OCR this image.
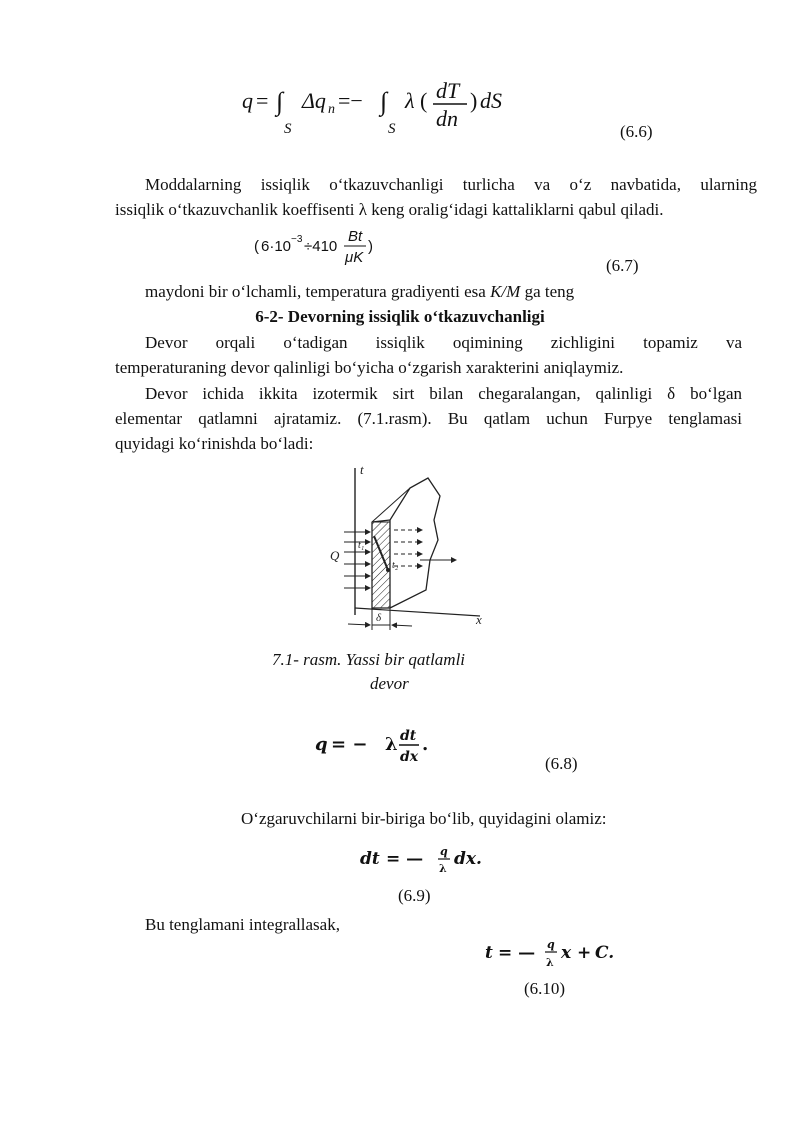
q = ∫
S
Δq n =− ∫
S
λ ( dT
dn
) dS
(6.6)
Moddalarning issiqlik o‘tkazuvchanligi turlicha va o‘z navbatida, ularning
issiqlik o‘tkazuvchanlik koeffisenti λ keng oralig‘idagi kattaliklarni qabul qiladi.
( 6·10 −3 ÷410
Bt
μK
)
(6.7)
maydoni bir o‘lchamli, temperatura gradiyenti esa K/M ga teng
6-2- Devorning issiqlik o‘tkazuvchanligi
Devor orqali o‘tadigan issiqlik oqimining zichligini topamiz va
temperaturaning devor qalinligi bo‘yicha o‘zgarish xarakterini aniqlaymiz.
Devor ichida ikkita izotermik sirt bilan chegaralangan, qalinligi δ bo‘lgan
elementar qatlamni ajratamiz. (7.1.rasm). Bu qatlam uchun Furpye tenglamasi
quyidagi ko‘rinishda bo‘ladi:
t
Q
t₁
t₂
δ	x
7.1- rasm. Yassi bir qatlamli
devor
q = − λ dt
dx
.
(6.8)
O‘zgaruvchilarni bir-biriga bo‘lib, quyidagini olamiz:
dt = — q
λ dx.
(6.9)
Bu tenglamani integrallasak,
t = — q
λ x + C.
(6.10)
